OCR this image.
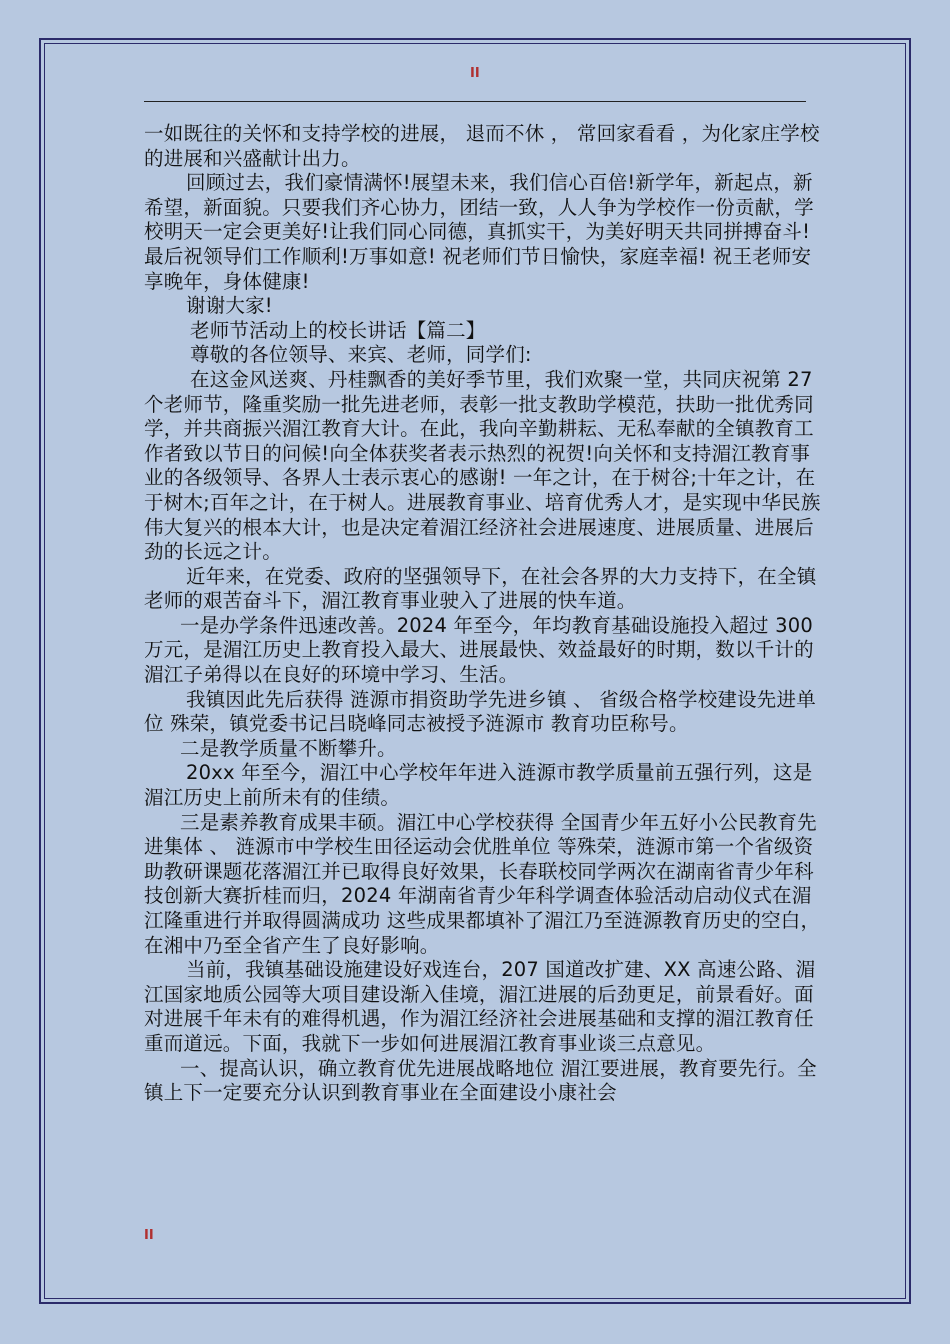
II

一如既往的关怀和支持学校的进展， 退而不休 ， 常回家看看 ，为化家庄学校的进展和兴盛献计出力。

回顾过去，我们豪情满怀!展望未来，我们信心百倍!新学年，新起点，新希望，新面貌。只要我们齐心协力，团结一致，人人争为学校作一份贡献，学校明天一定会更美好!让我们同心同德，真抓实干，为美好明天共同拼搏奋斗! 最后祝领导们工作顺利!万事如意! 祝老师们节日愉快，家庭幸福! 祝王老师安享晚年，身体健康!

谢谢大家!

老师节活动上的校长讲话【篇二】

尊敬的各位领导、来宾、老师，同学们:

在这金风送爽、丹桂飘香的美好季节里，我们欢聚一堂，共同庆祝第 27 个老师节，隆重奖励一批先进老师，表彰一批支教助学模范，扶助一批优秀同学，并共商振兴湄江教育大计。在此，我向辛勤耕耘、无私奉献的全镇教育工作者致以节日的问候!向全体获奖者表示热烈的祝贺!向关怀和支持湄江教育事业的各级领导、各界人士表示衷心的感谢! 一年之计，在于树谷;十年之计，在于树木;百年之计，在于树人。进展教育事业、培育优秀人才，是实现中华民族伟大复兴的根本大计，也是决定着湄江经济社会进展速度、进展质量、进展后劲的长远之计。

近年来，在党委、政府的坚强领导下，在社会各界的大力支持下，在全镇老师的艰苦奋斗下，湄江教育事业驶入了进展的快车道。

一是办学条件迅速改善。2024 年至今，年均教育基础设施投入超过 300 万元，是湄江历史上教育投入最大、进展最快、效益最好的时期，数以千计的湄江子弟得以在良好的环境中学习、生活。

我镇因此先后获得 涟源市捐资助学先进乡镇 、 省级合格学校建设先进单位 殊荣，镇党委书记吕晓峰同志被授予涟源市 教育功臣称号。

二是教学质量不断攀升。

20xx 年至今，湄江中心学校年年进入涟源市教学质量前五强行列，这是湄江历史上前所未有的佳绩。

三是素养教育成果丰硕。湄江中心学校获得 全国青少年五好小公民教育先进集体 、 涟源市中学校生田径运动会优胜单位 等殊荣，涟源市第一个省级资助教研课题花落湄江并已取得良好效果，长春联校同学两次在湖南省青少年科技创新大赛折桂而归，2024 年湖南省青少年科学调查体验活动启动仪式在湄江隆重进行并取得圆满成功 这些成果都填补了湄江乃至涟源教育历史的空白，在湘中乃至全省产生了良好影响。

当前，我镇基础设施建设好戏连台，207 国道改扩建、XX 高速公路、湄江国家地质公园等大项目建设渐入佳境，湄江进展的后劲更足，前景看好。面对进展千年未有的难得机遇，作为湄江经济社会进展基础和支撑的湄江教育任重而道远。下面，我就下一步如何进展湄江教育事业谈三点意见。

一、提高认识，确立教育优先进展战略地位 湄江要进展，教育要先行。全镇上下一定要充分认识到教育事业在全面建设小康社会

II
